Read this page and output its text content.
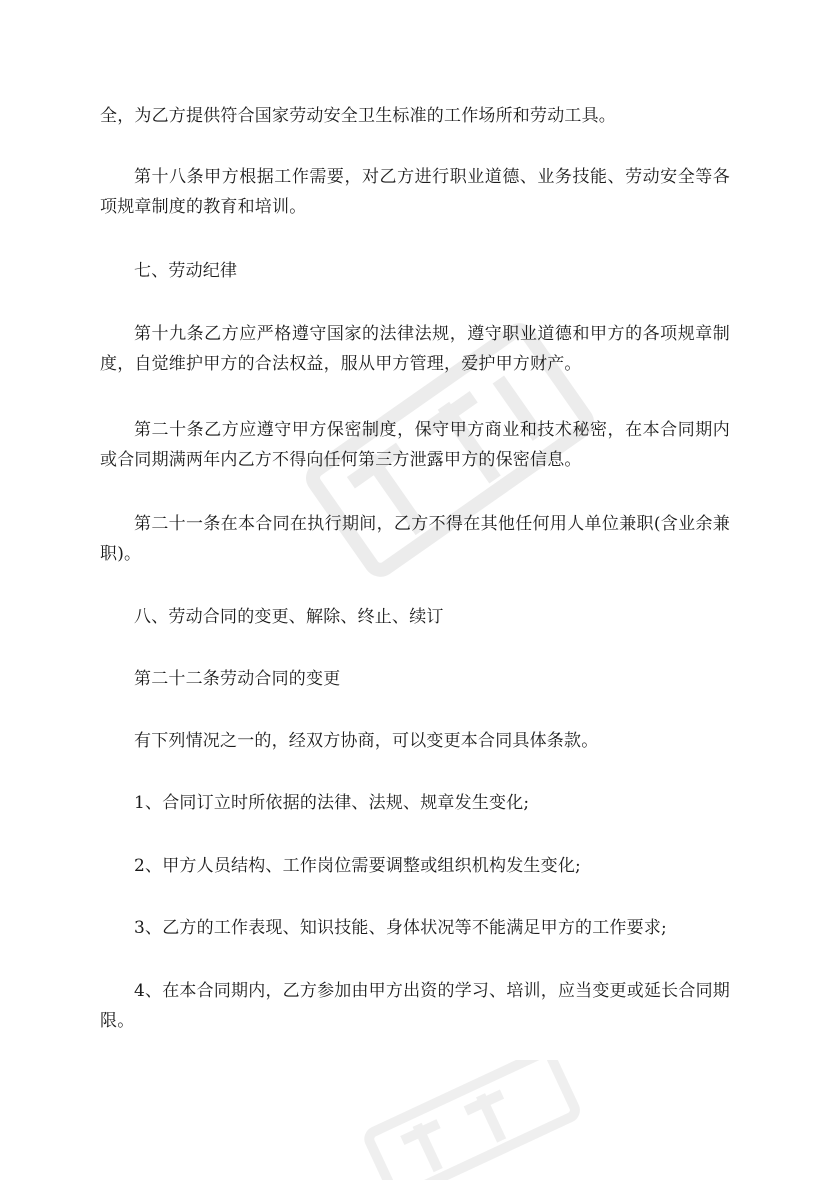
全，为乙方提供符合国家劳动安全卫生标准的工作场所和劳动工具。

第十八条甲方根据工作需要，对乙方进行职业道德、业务技能、劳动安全等各项规章制度的教育和培训。

七、劳动纪律

第十九条乙方应严格遵守国家的法律法规，遵守职业道德和甲方的各项规章制度，自觉维护甲方的合法权益，服从甲方管理，爱护甲方财产。

第二十条乙方应遵守甲方保密制度，保守甲方商业和技术秘密，在本合同期内或合同期满两年内乙方不得向任何第三方泄露甲方的保密信息。

第二十一条在本合同在执行期间，乙方不得在其他任何用人单位兼职(含业余兼职)。

八、劳动合同的变更、解除、终止、续订

第二十二条劳动合同的变更

有下列情况之一的，经双方协商，可以变更本合同具体条款。

1、合同订立时所依据的法律、法规、规章发生变化;

2、甲方人员结构、工作岗位需要调整或组织机构发生变化;

3、乙方的工作表现、知识技能、身体状况等不能满足甲方的工作要求;

4、在本合同期内，乙方参加由甲方出资的学习、培训，应当变更或延长合同期限。
